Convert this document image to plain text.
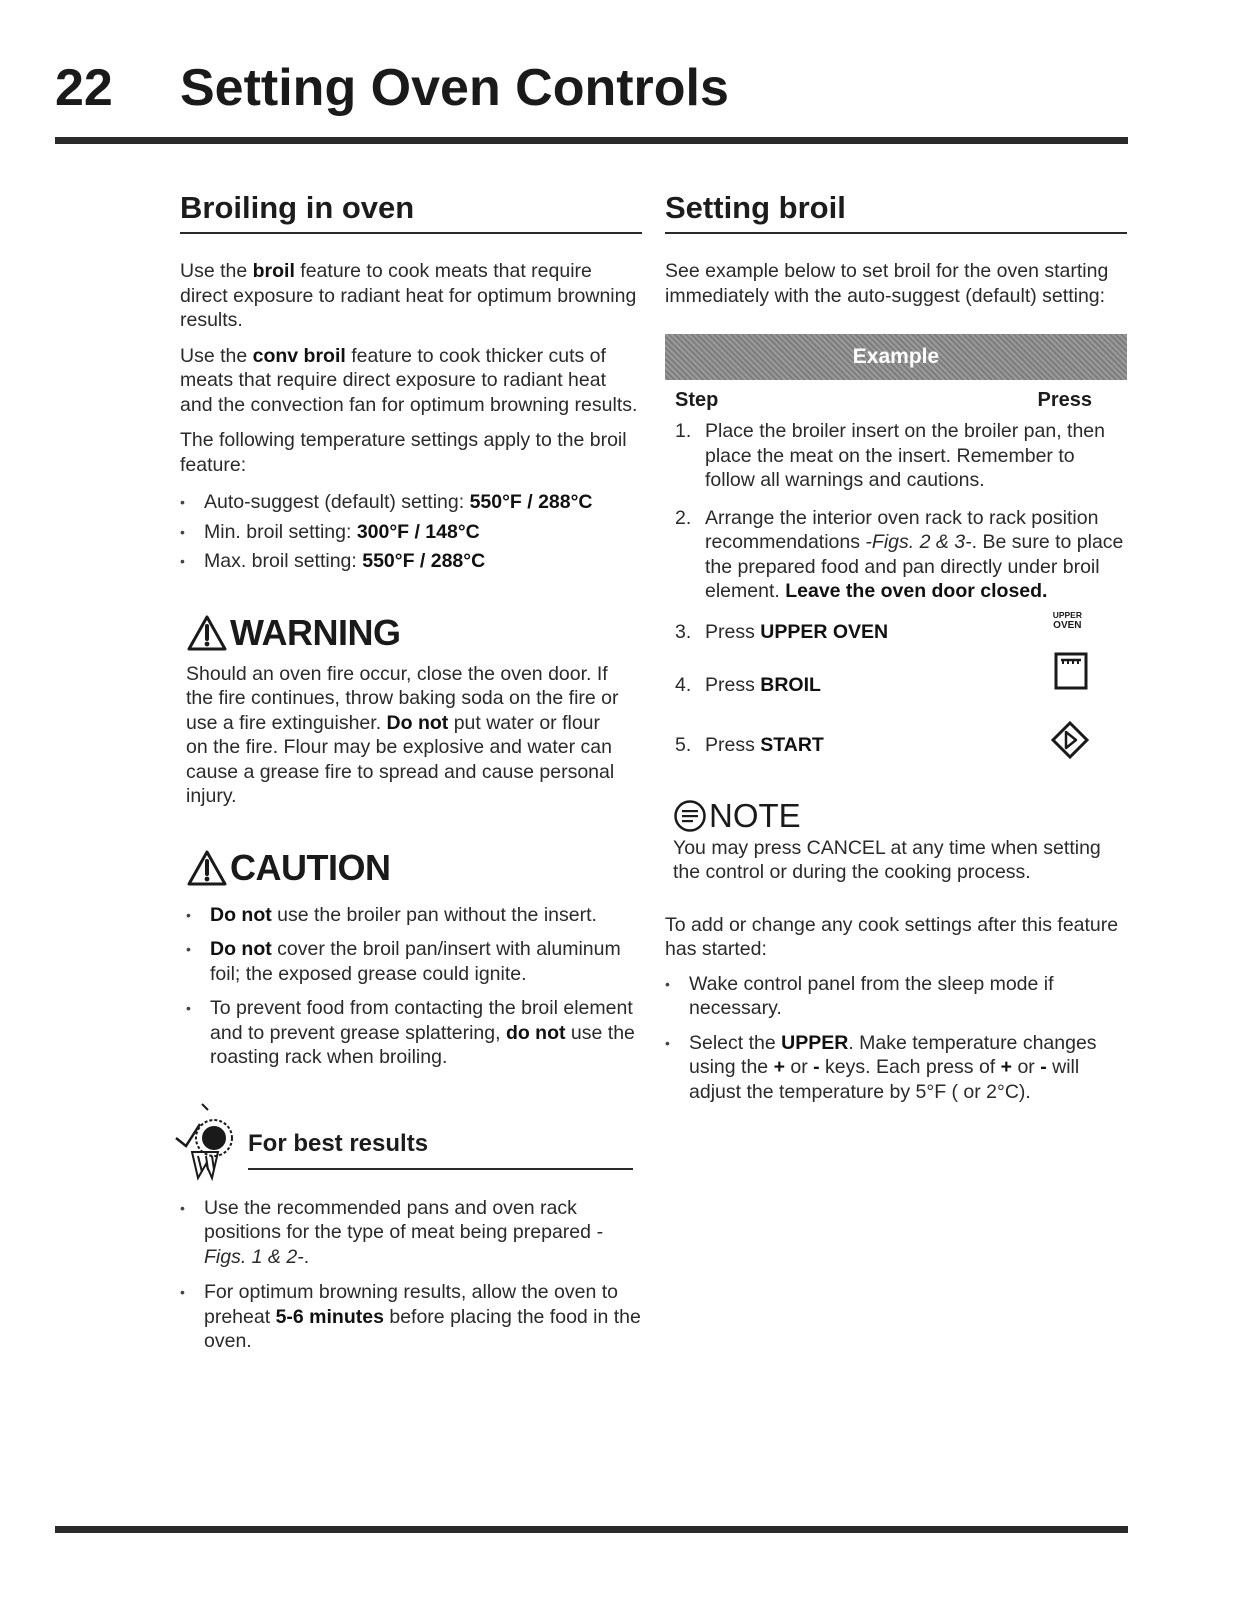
22 Setting Oven Controls
Broiling in oven

Use the broil feature to cook meats that require direct exposure to radiant heat for optimum browning results.

Use the conv broil feature to cook thicker cuts of meats that require direct exposure to radiant heat and the convection fan for optimum browning results.

The following temperature settings apply to the broil feature:

• Auto-suggest (default) setting: 550°F / 288°C
• Min. broil setting: 300°F / 148°C
• Max. broil setting: 550°F / 288°C
WARNING

Should an oven fire occur, close the oven door. If the fire continues, throw baking soda on the fire or use a fire extinguisher. Do not put water or flour on the fire. Flour may be explosive and water can cause a grease fire to spread and cause personal injury.

CAUTION
• Do not use the broiler pan without the insert.
• Do not cover the broil pan/insert with aluminum foil; the exposed grease could ignite.
• To prevent food from contacting the broil element and to prevent grease splattering, do not use the roasting rack when broiling.
For best results
• Use the recommended pans and oven rack positions for the type of meat being prepared -Figs. 1 & 2-.
• For optimum browning results, allow the oven to preheat 5-6 minutes before placing the food in the oven.
Setting broil

See example below to set broil for the oven starting immediately with the auto-suggest (default) setting:

Example
Step	Press
1. Place the broiler insert on the broiler pan, then place the meat on the insert. Remember to follow all warnings and cautions.
2. Arrange the interior oven rack to rack position recommendations -Figs. 2 & 3-. Be sure to place the prepared food and pan directly under broil element. Leave the oven door closed.
3. Press UPPER OVEN
UPPER
OVEN
4. Press BROIL
5. Press START
NOTE

You may press CANCEL at any time when setting the control or during the cooking process.

To add or change any cook settings after this feature has started:

• Wake control panel from the sleep mode if necessary.
• Select the UPPER. Make temperature changes using the + or - keys. Each press of + or - will adjust the temperature by 5°F ( or 2°C).
